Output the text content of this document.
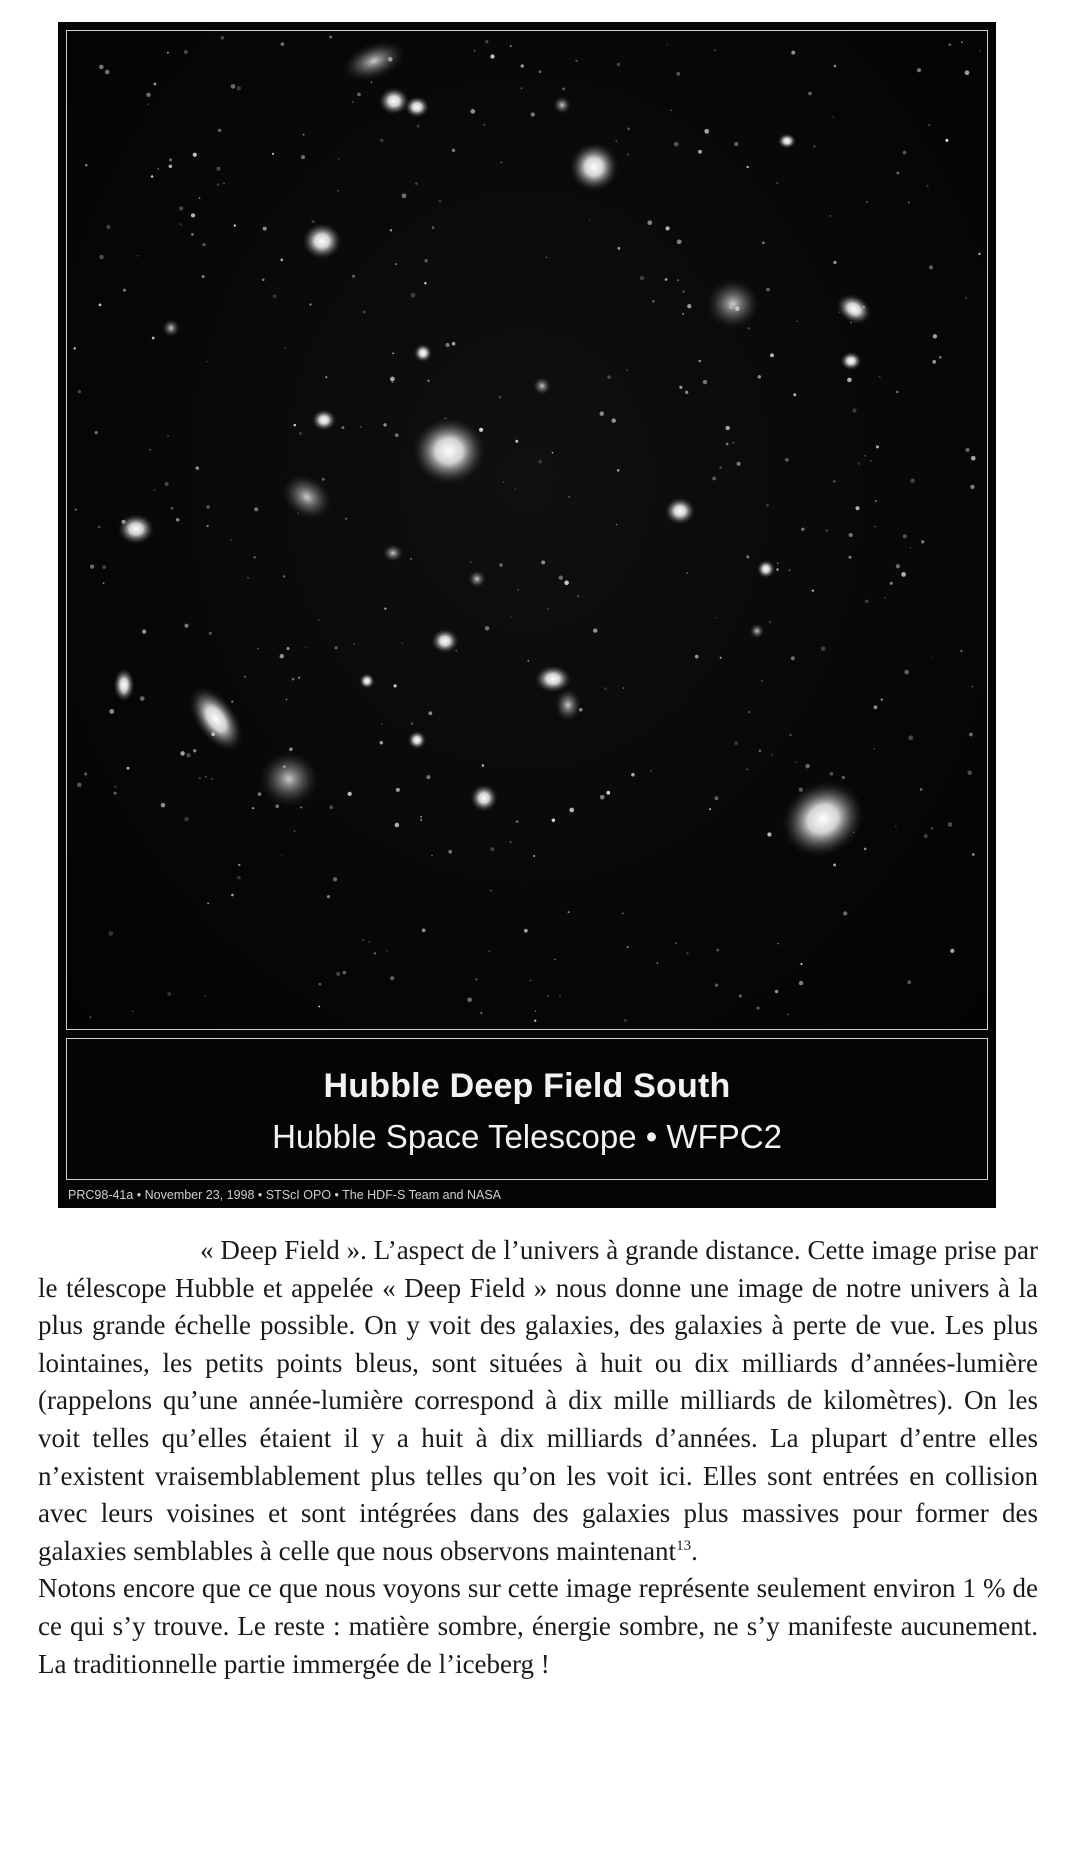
Hubble Deep Field South
Hubble Space Telescope • WFPC2
PRC98-41a • November 23, 1998 • STScI OPO • The HDF-S Team and NASA

« Deep Field ». L’aspect de l’univers à grande distance. Cette image prise par le télescope Hubble et appelée « Deep Field » nous donne une image de notre univers à la plus grande échelle possible. On y voit des galaxies, des galaxies à perte de vue. Les plus lointaines, les petits points bleus, sont situées à huit ou dix milliards d’années-lumière (rappelons qu’une année-lumière correspond à dix mille milliards de kilomètres). On les voit telles qu’elles étaient il y a huit à dix milliards d’années. La plupart d’entre elles n’existent vraisemblablement plus telles qu’on les voit ici. Elles sont entrées en collision avec leurs voisines et sont intégrées dans des galaxies plus massives pour former des galaxies semblables à celle que nous observons maintenant$^{13}$.

Notons encore que ce que nous voyons sur cette image représente seulement environ 1 % de ce qui s’y trouve. Le reste : matière sombre, énergie sombre, ne s’y manifeste aucunement. La traditionnelle partie immergée de l’iceberg !
